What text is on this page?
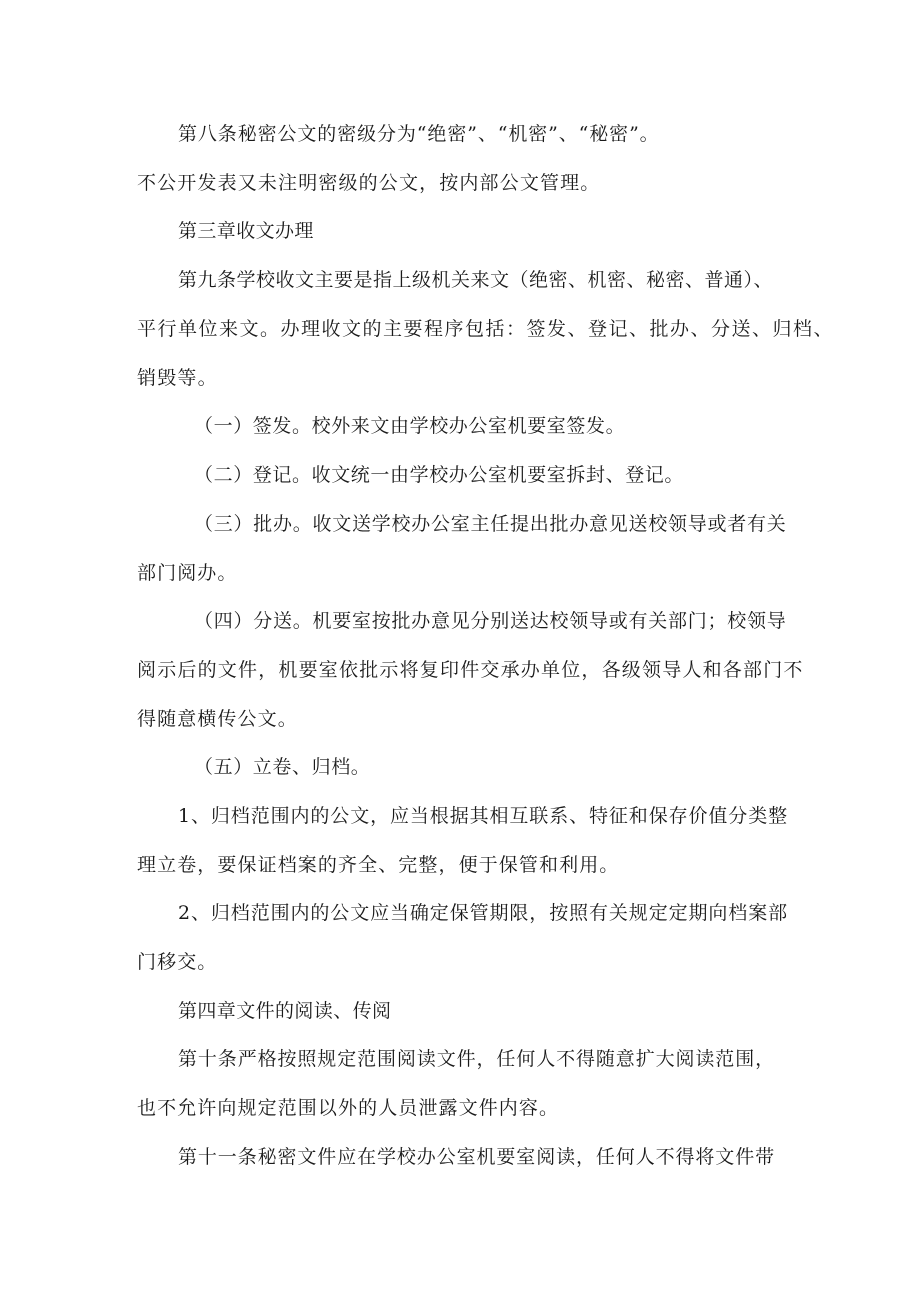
第八条秘密公文的密级分为“绝密”、“机密”、“秘密”。
不公开发表又未注明密级的公文，按内部公文管理。
第三章收文办理
第九条学校收文主要是指上级机关来文（绝密、机密、秘密、普通）、
平行单位来文。办理收文的主要程序包括：签发、登记、批办、分送、归档、
销毁等。
（一）签发。校外来文由学校办公室机要室签发。
（二）登记。收文统一由学校办公室机要室拆封、登记。
（三）批办。收文送学校办公室主任提出批办意见送校领导或者有关
部门阅办。
（四）分送。机要室按批办意见分别送达校领导或有关部门；校领导
阅示后的文件，机要室依批示将复印件交承办单位，各级领导人和各部门不
得随意横传公文。
（五）立卷、归档。
1、归档范围内的公文，应当根据其相互联系、特征和保存价值分类整
理立卷，要保证档案的齐全、完整，便于保管和利用。
2、归档范围内的公文应当确定保管期限，按照有关规定定期向档案部
门移交。
第四章文件的阅读、传阅
第十条严格按照规定范围阅读文件，任何人不得随意扩大阅读范围，
也不允许向规定范围以外的人员泄露文件内容。
第十一条秘密文件应在学校办公室机要室阅读，任何人不得将文件带
